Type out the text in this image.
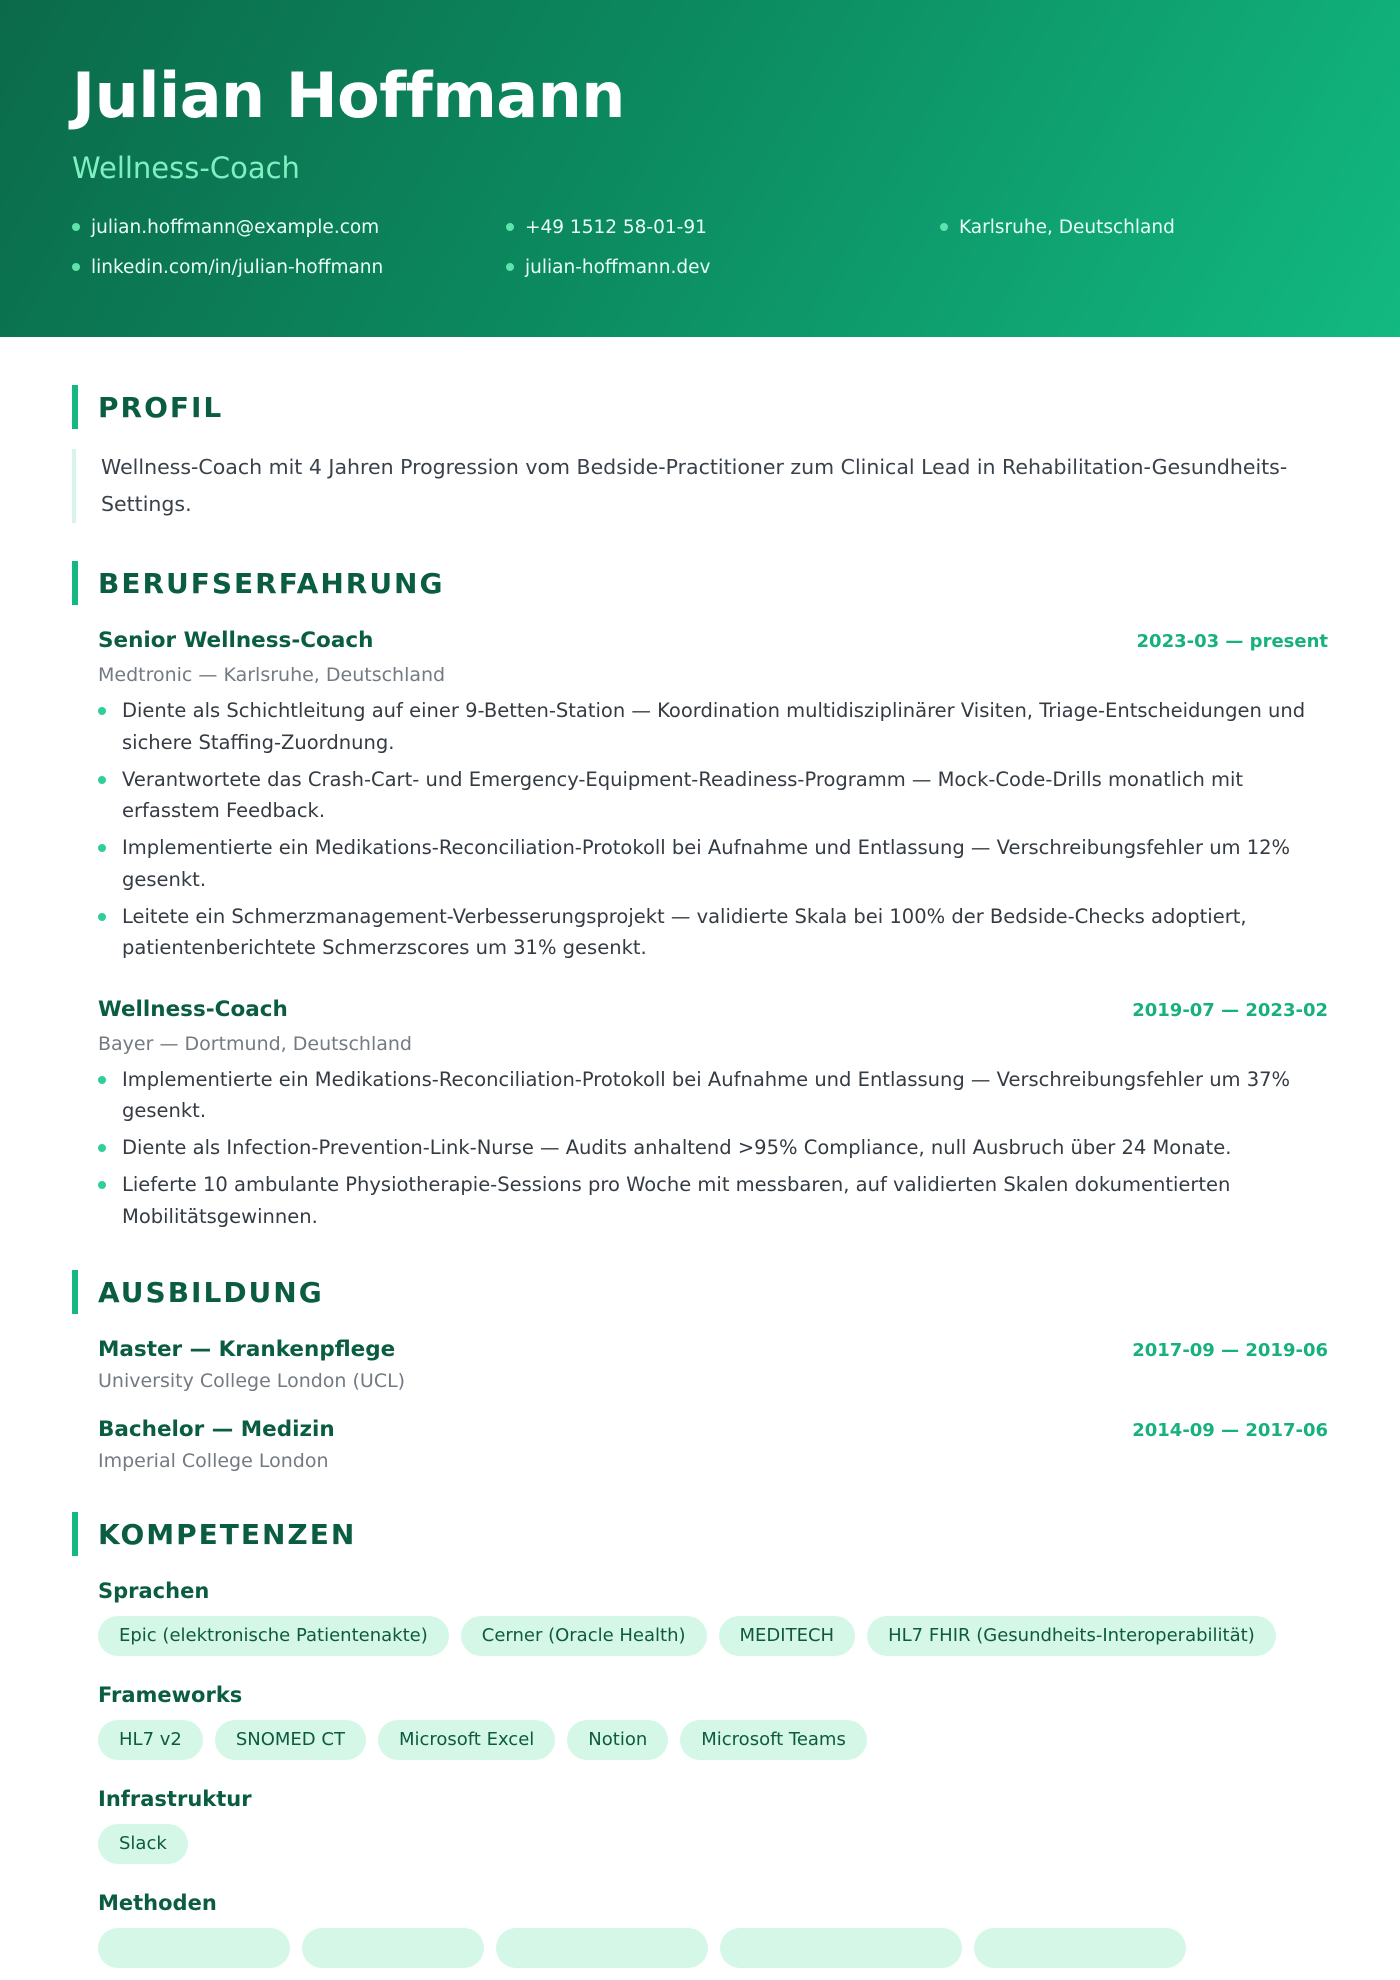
Julian Hoffmann
Wellness-Coach
julian.hoffmann@example.com	+49 1512 58-01-91	Karlsruhe, Deutschland
linkedin.com/in/julian-hoffmann	julian-hoffmann.dev
PROFIL
Wellness-Coach mit 4 Jahren Progression vom Bedside-Practitioner zum Clinical Lead in Rehabilitation-Gesundheits-Settings.
BERUFSERFAHRUNG
Senior Wellness-Coach	2023-03 — present
Medtronic — Karlsruhe, Deutschland
Diente als Schichtleitung auf einer 9-Betten-Station — Koordination multidisziplinärer Visiten, Triage-Entscheidungen und sichere Staffing-Zuordnung.
Verantwortete das Crash-Cart- und Emergency-Equipment-Readiness-Programm — Mock-Code-Drills monatlich mit erfasstem Feedback.
Implementierte ein Medikations-Reconciliation-Protokoll bei Aufnahme und Entlassung — Verschreibungsfehler um 12% gesenkt.
Leitete ein Schmerzmanagement-Verbesserungsprojekt — validierte Skala bei 100% der Bedside-Checks adoptiert, patientenberichtete Schmerzscores um 31% gesenkt.
Wellness-Coach	2019-07 — 2023-02
Bayer — Dortmund, Deutschland
Implementierte ein Medikations-Reconciliation-Protokoll bei Aufnahme und Entlassung — Verschreibungsfehler um 37% gesenkt.
Diente als Infection-Prevention-Link-Nurse — Audits anhaltend >95% Compliance, null Ausbruch über 24 Monate.
Lieferte 10 ambulante Physiotherapie-Sessions pro Woche mit messbaren, auf validierten Skalen dokumentierten Mobilitätsgewinnen.
AUSBILDUNG
Master — Krankenpflege	2017-09 — 2019-06
University College London (UCL)
Bachelor — Medizin	2014-09 — 2017-06
Imperial College London
KOMPETENZEN
Sprachen
Epic (elektronische Patientenakte)	Cerner (Oracle Health)	MEDITECH	HL7 FHIR (Gesundheits-Interoperabilität)
Frameworks
HL7 v2	SNOMED CT	Microsoft Excel	Notion	Microsoft Teams
Infrastruktur
Slack
Methoden
